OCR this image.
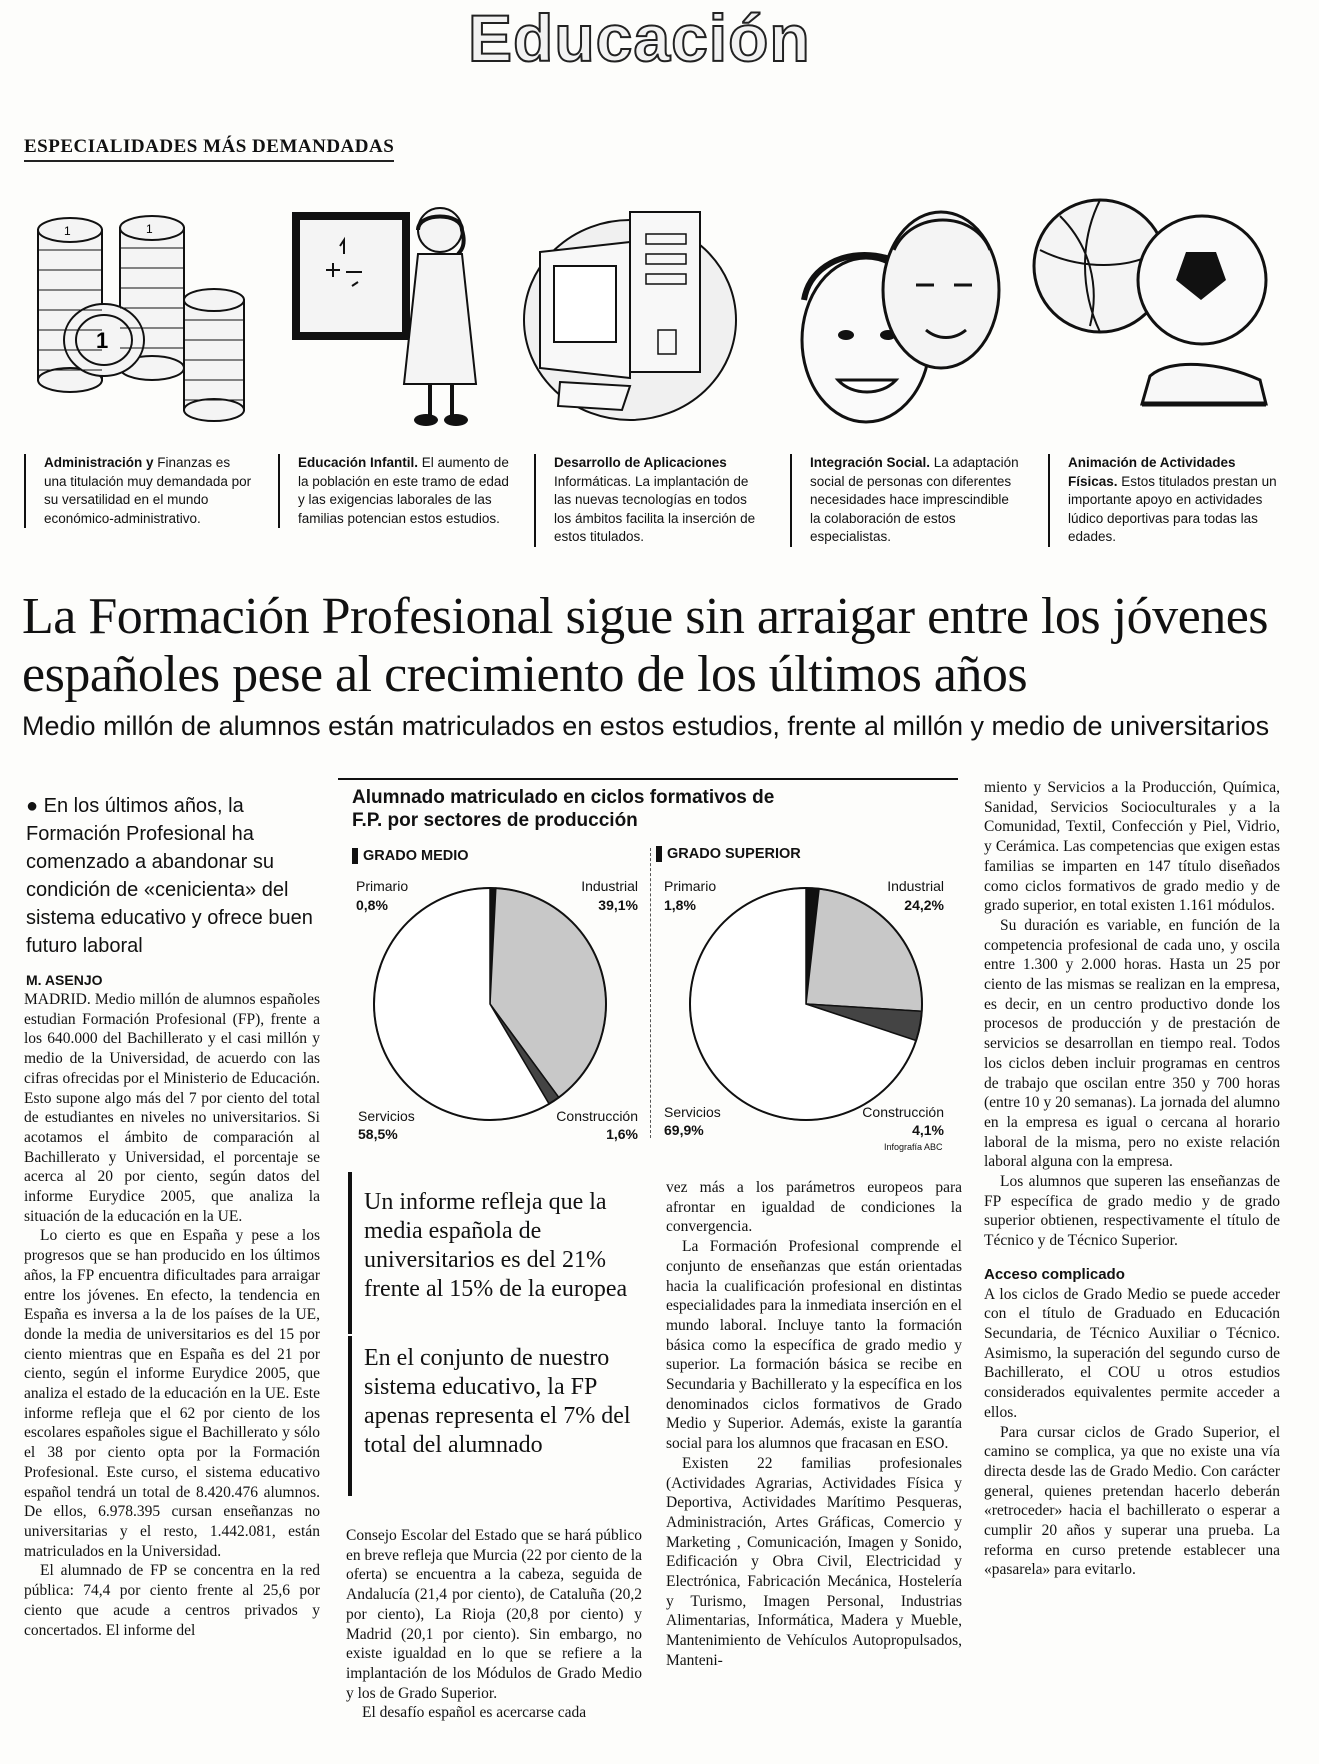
Educación
ESPECIALIDADES MÁS DEMANDADAS
1
1	1
Administración y Finanzas es una titulación muy demandada por su versatilidad en el mundo económico-administrativo.
Educación Infantil. El aumento de la población en este tramo de edad y las exigencias laborales de las familias potencian estos estudios.
Desarrollo de Aplicaciones Informáticas. La implantación de las nuevas tecnologías en todos los ámbitos facilita la inserción de estos titulados.
Integración Social. La adaptación social de personas con diferentes necesidades hace imprescindible la colaboración de estos especialistas.
Animación de Actividades Físicas. Estos titulados prestan un importante apoyo en actividades lúdico deportivas para todas las edades.
La Formación Profesional sigue sin arraigar entre los jóvenes españoles pese al crecimiento de los últimos años
Medio millón de alumnos están matriculados en estos estudios, frente al millón y medio de universitarios
● En los últimos años, la Formación Profesional ha comenzado a abandonar su condición de «cenicienta» del sistema educativo y ofrece buen futuro laboral
M. ASENJO

MADRID. Medio millón de alumnos españoles estudian Formación Profesional (FP), frente a los 640.000 del Bachillerato y el casi millón y medio de la Universidad, de acuerdo con las cifras ofrecidas por el Ministerio de Educación. Esto supone algo más del 7 por ciento del total de estudiantes en niveles no universitarios. Si acotamos el ámbito de comparación al Bachillerato y Universidad, el porcentaje se acerca al 20 por ciento, según datos del informe Eurydice 2005, que analiza la situación de la educación en la UE.

Lo cierto es que en España y pese a los progresos que se han producido en los últimos años, la FP encuentra dificultades para arraigar entre los jóvenes. En efecto, la tendencia en España es inversa a la de los países de la UE, donde la media de universitarios es del 15 por ciento mientras que en España es del 21 por ciento, según el informe Eurydice 2005, que analiza el estado de la educación en la UE. Este informe refleja que el 62 por ciento de los escolares españoles sigue el Bachillerato y sólo el 38 por ciento opta por la Formación Profesional. Este curso, el sistema educativo español tendrá un total de 8.420.476 alumnos. De ellos, 6.978.395 cursan enseñanzas no universitarias y el resto, 1.442.081, están matriculados en la Universidad.

El alumnado de FP se concentra en la red pública: 74,4 por ciento frente al 25,6 por ciento que acude a centros privados y concertados. El informe del

Alumnado matriculado en ciclos formativos de F.P. por sectores de producción
GRADO MEDIO	GRADO SUPERIOR
Primario
0,8%
Industrial
39,1%
Servicios
58,5%
Construcción
1,6%
Primario
1,8%
Industrial
24,2%
Servicios
69,9%
Construcción
4,1%
Infografía ABC
Un informe refleja que la media española de universitarios es del 21% frente al 15% de la europea
En el conjunto de nuestro sistema educativo, la FP apenas representa el 7% del total del alumnado

Consejo Escolar del Estado que se hará público en breve refleja que Murcia (22 por ciento de la oferta) se encuentra a la cabeza, seguida de Andalucía (21,4 por ciento), de Cataluña (20,2 por ciento), La Rioja (20,8 por ciento) y Madrid (20,1 por ciento). Sin embargo, no existe igualdad en lo que se refiere a la implantación de los Módulos de Grado Medio y los de Grado Superior.

El desafío español es acercarse cada

vez más a los parámetros europeos para afrontar en igualdad de condiciones la convergencia.

La Formación Profesional comprende el conjunto de enseñanzas que están orientadas hacia la cualificación profesional en distintas especialidades para la inmediata inserción en el mundo laboral. Incluye tanto la formación básica como la específica de grado medio y superior. La formación básica se recibe en Secundaria y Bachillerato y la específica en los denominados ciclos formativos de Grado Medio y Superior. Además, existe la garantía social para los alumnos que fracasan en ESO.

Existen 22 familias profesionales (Actividades Agrarias, Actividades Física y Deportiva, Actividades Marítimo Pesqueras, Administración, Artes Gráficas, Comercio y Marketing , Comunicación, Imagen y Sonido, Edificación y Obra Civil, Electricidad y Electrónica, Fabricación Mecánica, Hostelería y Turismo, Imagen Personal, Industrias Alimentarias, Informática, Madera y Mueble, Mantenimiento de Vehículos Autopropulsados, Manteni-

miento y Servicios a la Producción, Química, Sanidad, Servicios Socioculturales y a la Comunidad, Textil, Confección y Piel, Vidrio, y Cerámica. Las competencias que exigen estas familias se imparten en 147 título diseñados como ciclos formativos de grado medio y de grado superior, en total existen 1.161 módulos.

Su duración es variable, en función de la competencia profesional de cada uno, y oscila entre 1.300 y 2.000 horas. Hasta un 25 por ciento de las mismas se realizan en la empresa, es decir, en un centro productivo donde los procesos de producción y de prestación de servicios se desarrollan en tiempo real. Todos los ciclos deben incluir programas en centros de trabajo que oscilan entre 350 y 700 horas (entre 10 y 20 semanas). La jornada del alumno en la empresa es igual o cercana al horario laboral de la misma, pero no existe relación laboral alguna con la empresa.

Los alumnos que superen las enseñanzas de FP específica de grado medio y de grado superior obtienen, respectivamente el título de Técnico y de Técnico Superior.

Acceso complicado

A los ciclos de Grado Medio se puede acceder con el título de Graduado en Educación Secundaria, de Técnico Auxiliar o Técnico. Asimismo, la superación del segundo curso de Bachillerato, el COU u otros estudios considerados equivalentes permite acceder a ellos.

Para cursar ciclos de Grado Superior, el camino se complica, ya que no existe una vía directa desde las de Grado Medio. Con carácter general, quienes pretendan hacerlo deberán «retroceder» hacia el bachillerato o esperar a cumplir 20 años y superar una prueba. La reforma en curso pretende establecer una «pasarela» para evitarlo.
